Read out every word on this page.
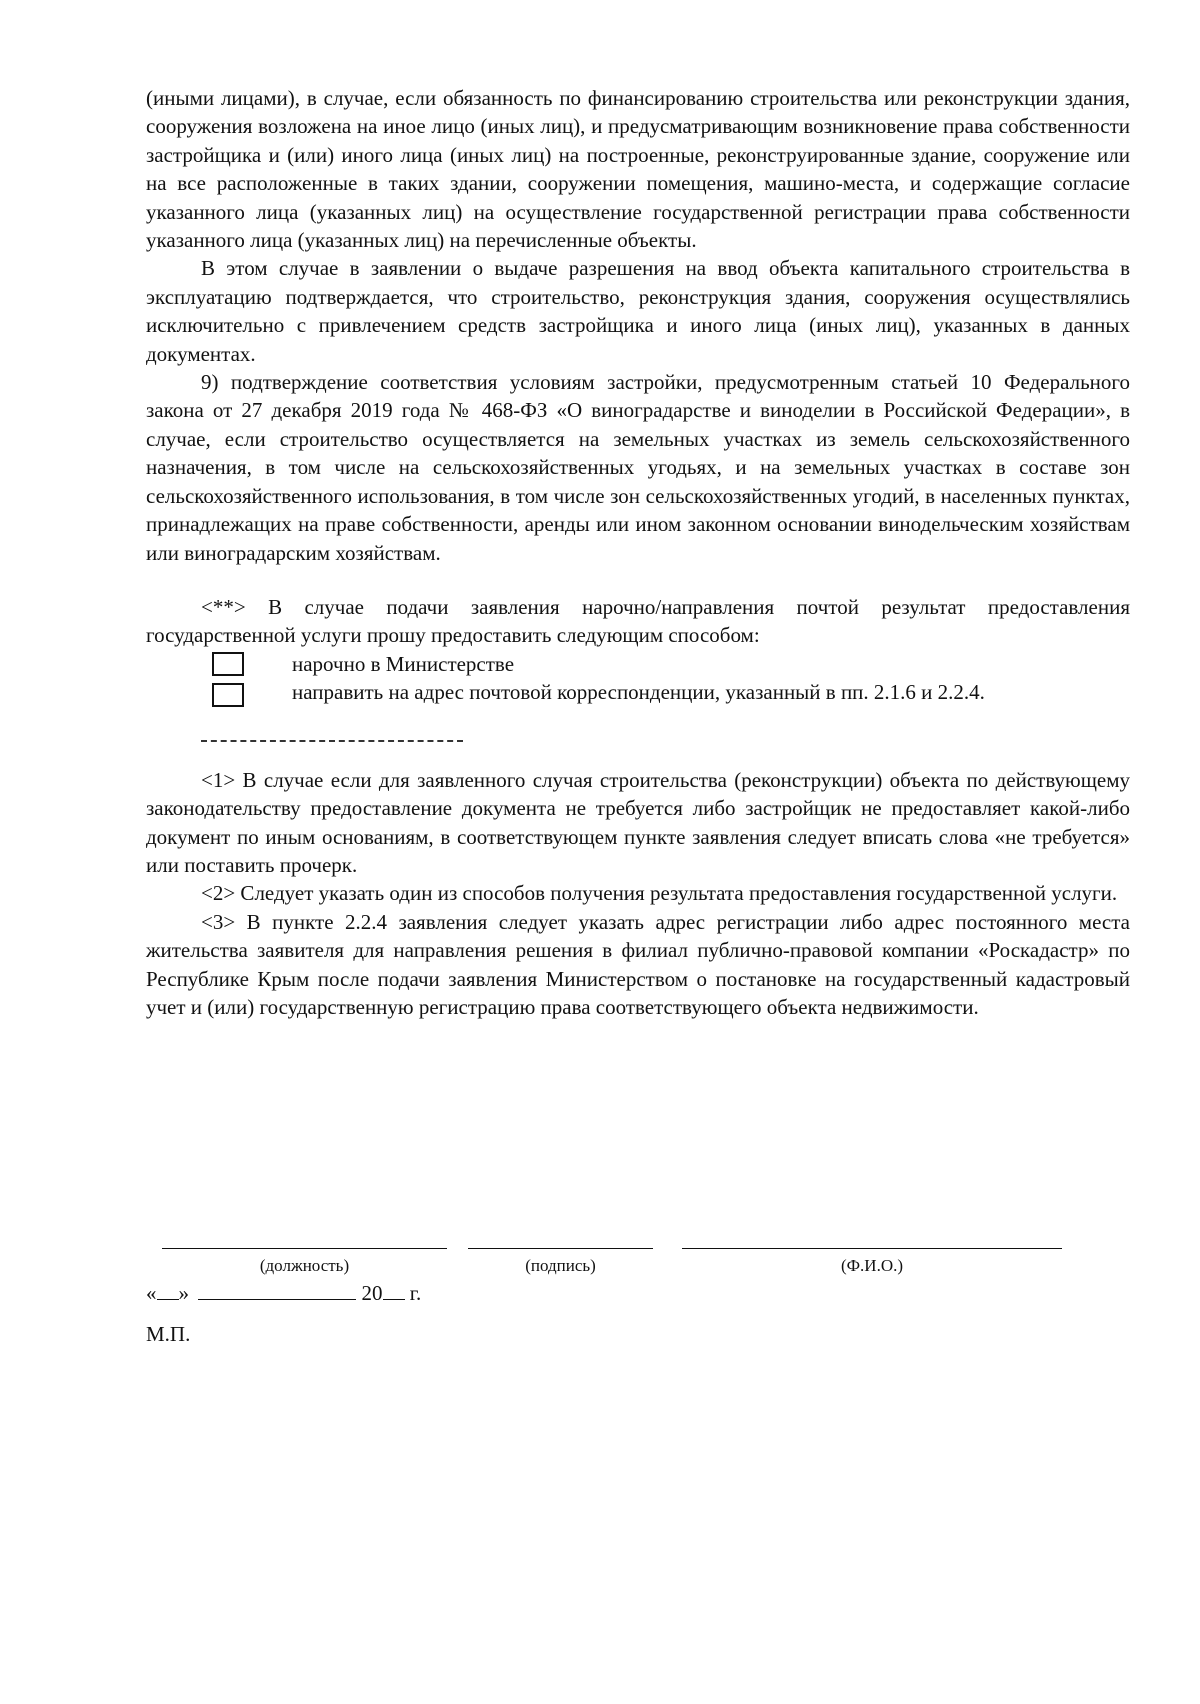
(иными лицами), в случае, если обязанность по финансированию строительства или реконструкции здания, сооружения возложена на иное лицо (иных лиц), и предусматривающим возникновение права собственности застройщика и (или) иного лица (иных лиц) на построенные, реконструированные здание, сооружение или на все расположенные в таких здании, сооружении помещения, машино-места, и содержащие согласие указанного лица (указанных лиц) на осуществление государственной регистрации права собственности указанного лица (указанных лиц) на перечисленные объекты.

В этом случае в заявлении о выдаче разрешения на ввод объекта капитального строительства в эксплуатацию подтверждается, что строительство, реконструкция здания, сооружения осуществлялись исключительно с привлечением средств застройщика и иного лица (иных лиц), указанных в данных документах.

9) подтверждение соответствия условиям застройки, предусмотренным статьей 10 Федерального закона от 27 декабря 2019 года № 468-ФЗ «О виноградарстве и виноделии в Российской Федерации», в случае, если строительство осуществляется на земельных участках из земель сельскохозяйственного назначения, в том числе на сельскохозяйственных угодьях, и на земельных участках в составе зон сельскохозяйственного использования, в том числе зон сельскохозяйственных угодий, в населенных пунктах, принадлежащих на праве собственности, аренды или ином законном основании винодельческим хозяйствам или виноградарским хозяйствам.

<**> В случае подачи заявления нарочно/направления почтой результат предоставления государственной услуги прошу предоставить следующим способом:

нарочно в Министерстве
направить на адрес почтовой корреспонденции, указанный в пп. 2.1.6 и 2.2.4.

<1> В случае если для заявленного случая строительства (реконструкции) объекта по действующему законодательству предоставление документа не требуется либо застройщик не предоставляет какой-либо документ по иным основаниям, в соответствующем пункте заявления следует вписать слова «не требуется» или поставить прочерк.

<2> Следует указать один из способов получения результата предоставления государственной услуги.

<3> В пункте 2.2.4 заявления следует указать адрес регистрации либо адрес постоянного места жительства заявителя для направления решения в филиал публично-правовой компании «Роскадастр» по Республике Крым после подачи заявления Министерством о постановке на государственный кадастровый учет и (или) государственную регистрацию права соответствующего объекта недвижимости.

(должность)	(подпись)	(Ф.И.О.)
« »	20 г.
М.П.
